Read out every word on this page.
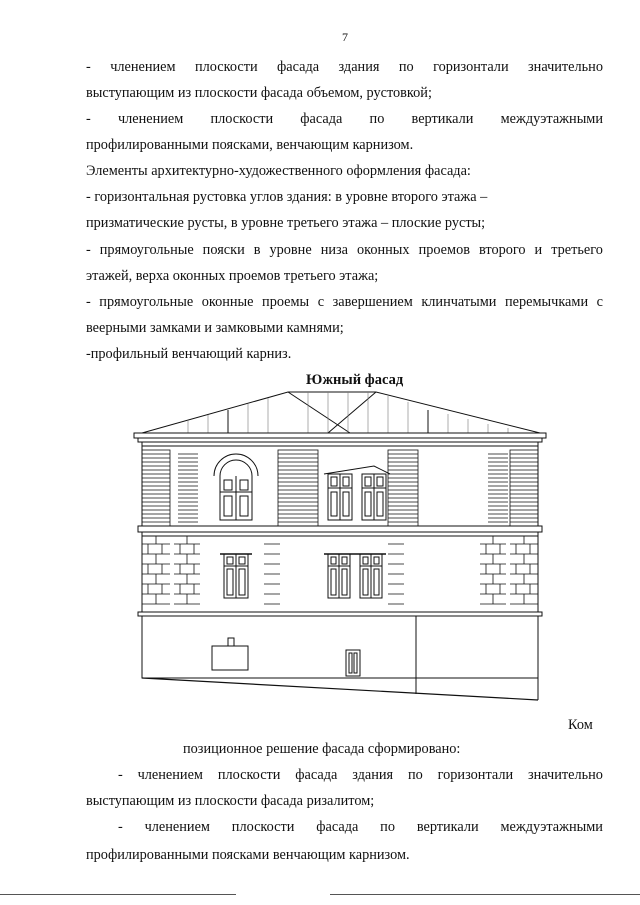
7
- членением плоскости фасада здания по горизонтали значительно
выступающим из плоскости фасада объемом, рустовкой;
- членением плоскости фасада по вертикали междуэтажными
профилированными поясками, венчающим карнизом.
Элементы архитектурно-художественного оформления фасада:
- горизонтальная рустовка углов здания: в уровне второго этажа –
призматические русты, в уровне третьего этажа – плоские русты;
- прямоугольные пояски в уровне низа оконных проемов второго и третьего
этажей, верха оконных проемов третьего этажа;
- прямоугольные оконные проемы с завершением клинчатыми перемычками с
веерными замками и замковыми камнями;
-профильный венчающий карниз.
Южный фасад
Ком
позиционное решение фасада сформировано:
- членением плоскости фасада здания по горизонтали значительно
выступающим из плоскости фасада ризалитом;
- членением плоскости фасада по вертикали междуэтажными
профилированными поясками венчающим карнизом.
